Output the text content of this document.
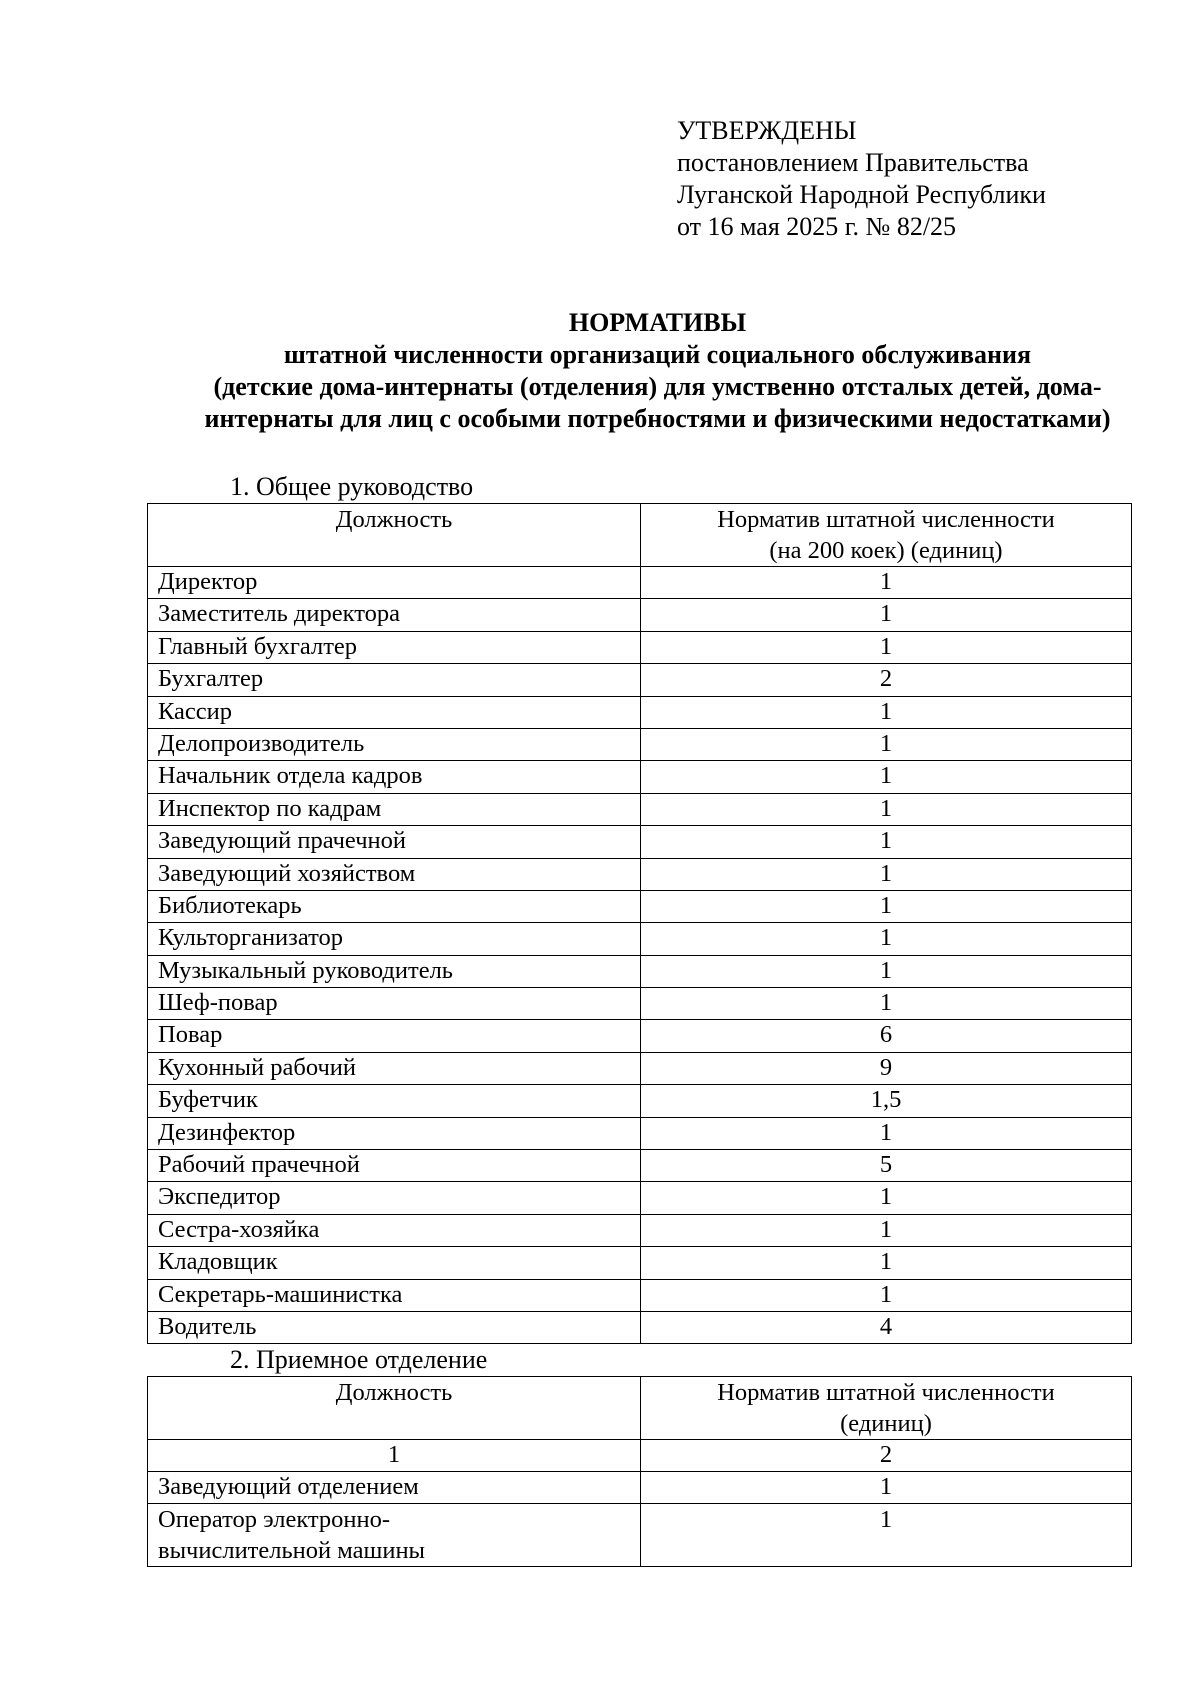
УТВЕРЖДЕНЫ
постановлением Правительства
Луганской Народной Республики
от 16 мая 2025 г. № 82/25
НОРМАТИВЫ
штатной численности организаций социального обслуживания
(детские дома-интернаты (отделения) для умственно отсталых детей, дома-
интернаты для лиц с особыми потребностями и физическими недостатками)
1. Общее руководство
Должность	Норматив штатной численности
(на 200 коек) (единиц)

Директор	1
Заместитель директора	1
Главный бухгалтер	1
Бухгалтер	2
Кассир	1
Делопроизводитель	1
Начальник отдела кадров	1
Инспектор по кадрам	1
Заведующий прачечной	1
Заведующий хозяйством	1
Библиотекарь	1
Культорганизатор	1
Музыкальный руководитель	1
Шеф-повар	1
Повар	6
Кухонный рабочий	9
Буфетчик	1,5
Дезинфектор	1
Рабочий прачечной	5
Экспедитор	1
Сестра-хозяйка	1
Кладовщик	1
Секретарь-машинистка	1
Водитель	4
2. Приемное отделение
Должность	Норматив штатной численности
(единиц)

1	2
Заведующий отделением	1

Оператор электронно-
вычислительной машины	1
